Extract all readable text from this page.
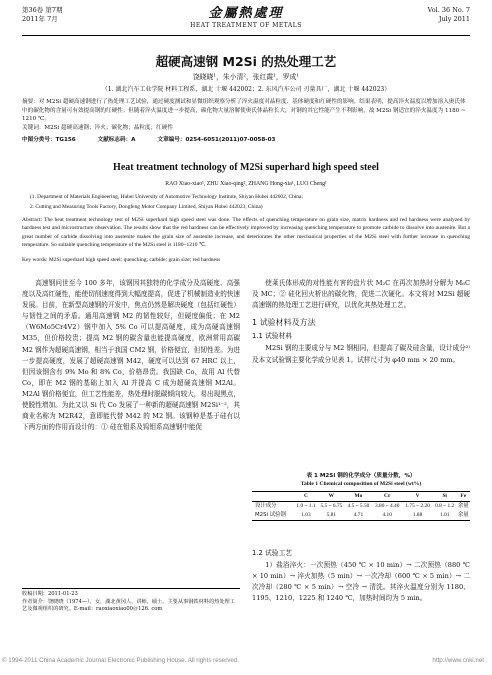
第36卷 第7期
2011年 7月	金屬熱處理
HEAT TREATMENT OF METALS
Vol. 36 No. 7
July 2011
超硬高速钢 M2Si 的热处理工艺
饶晓晓¹，朱小清²，张红霞¹，罗成¹
（1. 湖北汽车工业学院 材料工程系，湖北 十堰 442002；2. 东风汽车公司 刃量具厂，湖北 十堰 442023）
摘要：对 M2Si 超硬高速钢进行了热处理工艺试验，通过硬度测试和显微组织观察分析了淬火温度对晶粒度、基体硬度和红硬性的影响。结果表明，提高淬火温度以增加溶入奥氏体中的碳化物的含量可有效提高钢的红硬性；但随着淬火温度进一步提高，碳化物大量溶解使奥氏体晶粒长大，对钢的其它性能产生不利影响，故 M2Si 钢适宜的淬火温度为 1180 ~ 1210 ℃。
关键词：M2Si 超硬高速钢；淬火；碳化物；晶粒度；红硬性
中图分类号：TG156	文献标志码：A	文章编号：0254-6051(2011)07-0058-03
Heat treatment technology of M2Si superhard high speed steel
RAO Xiao-xiao¹, ZHU Xiao-qing², ZHANG Hong-xia¹, LUO Cheng¹
(1. Department of Materials Engineering, Hubei University of Automotive Technology Institute, Shiyan Hubei 442002, China;
2. Cutting and Measuring Tools Factory, Dongfeng Motor Company Limited, Shiyan Hubei 442023, China)
Abstract: The heat treatment technology test of M2Si superhard high speed steel was done. The effects of quenching temperature on grain size, matrix hardness and red hardness were analyzed by hardness test and microstructure observation. The results show that the red hardness can be effectively improved by increasing quenching temperature to promote carbide to dissolve into austenite. But a great number of carbide dissolving into austenite makes the grain size of austenite increase, and deteriorates the other mechanical properties of the M2Si steel with further increase in quenching temperature. So suitable quenching temperature of the M2Si steel is 1180~1210 ℃.
Key words: M2Si superhard high speed steel; quenching; carbide; grain size; red hardness

高速钢问世至今 100 多年，该钢因其独特的化学成分及高硬度、高强度以及高红硬性，能使切削速度得到大幅度提高，促进了机械制造业的快速发展。目前，在新型高速钢的开发中，焦点仍然是解决硬度（包括红硬性）与韧性之间的矛盾。通用高速钢 M2 的韧性较好，但硬度偏低；在 M2（W6Mo5Cr4V2）钢中加入 5% Co 可以提高硬度，成为高硬高速钢 M35，但价格较贵；提高 M2 钢的碳含量也能提高硬度，欧洲常用高碳 M2 钢作为超硬高速钢，相当于我国 CM2 钢，价格便宜，但韧性差。为进一步提高硬度，发展了超硬高速钢 M42，硬度可以达到 67 HRC 以上，但因该钢含有 9% Mo 和 8% Co，价格昂贵。我国缺 Co，故用 Al 代替 Co，即在 M2 钢的基础上加入 Al 并提高 C 成为超硬高速钢 M2Al。M2Al 钢价格便宜，但工艺性能差，热处理时脱碳倾向较大，易出现黑点，使脱性增加。为此又以 Si 代 Co 发展了一种新的超硬高速钢 M2Si¹⁻²，其商业名称为 M2R42，意即能代替 M42 的 M2 钢。该钢种是基于硅有以下两方面的作用而设计的：① 硅在钼系及钨钼系高速钢中能促

使莱氏体形成的对性能有害的盘片状 M₂C 在再次加热时分解为 M₆C 及 MC；② 硅化回火析出的碳化物，促进二次硬化。本文将对 M2Si 超硬高速钢的热处理工艺进行研究，以优化其热处理工艺。

1 试验材料及方法
1.1 试验材料

M2Si 钢的主要成分与 M2 钢相同，但提高了碳及硅含量，设计成分²⁾及本文试验钢主要化学成分见表 1。试样尺寸为 φ40 mm × 20 mm。

表 1 M2Si 钢的化学成分（质量分数，%）
Table 1 Chemical composition of M2Si steel (wt%)
	C	W	Mo	Cr	V	Si	Fe
设计成分	1.0 ~ 1.1	5.5 ~ 6.75	4.5 ~ 5.50	3.80 ~ 4.40	1.75 ~ 2.20	0.8 ~ 1.2	余量
M2Si 试验钢	1.03	5.81	4.71	4.10	1.88	1.01	余量
1.2 试验工艺

1）盐浴淬火：一次预热（450 ℃ × 10 min）→ 二次预热（880 ℃ × 10 min）→ 淬火加热（5 min）→ 一次冷却（600 ℃ × 5 min）→ 二次冷却（280 ℃ × 5 min）→ 空冷 → 清洗。其淬火温度分别为 1180、1195、1210、1225 和 1240 ℃，加热时间均为 5 min。

收稿日期：2011-01-23
作者简介：饶晓晓（1974—），女，湖北黄冈人，讲师，硕士，主要从事钢铁材料的热处理工艺及微观组织的研究。E-mail：raoxiaoxiao00＠126. com
© 1994-2011 China Academic Journal Electronic Publishing House. All rights reserved.	http://www.cnki.net
